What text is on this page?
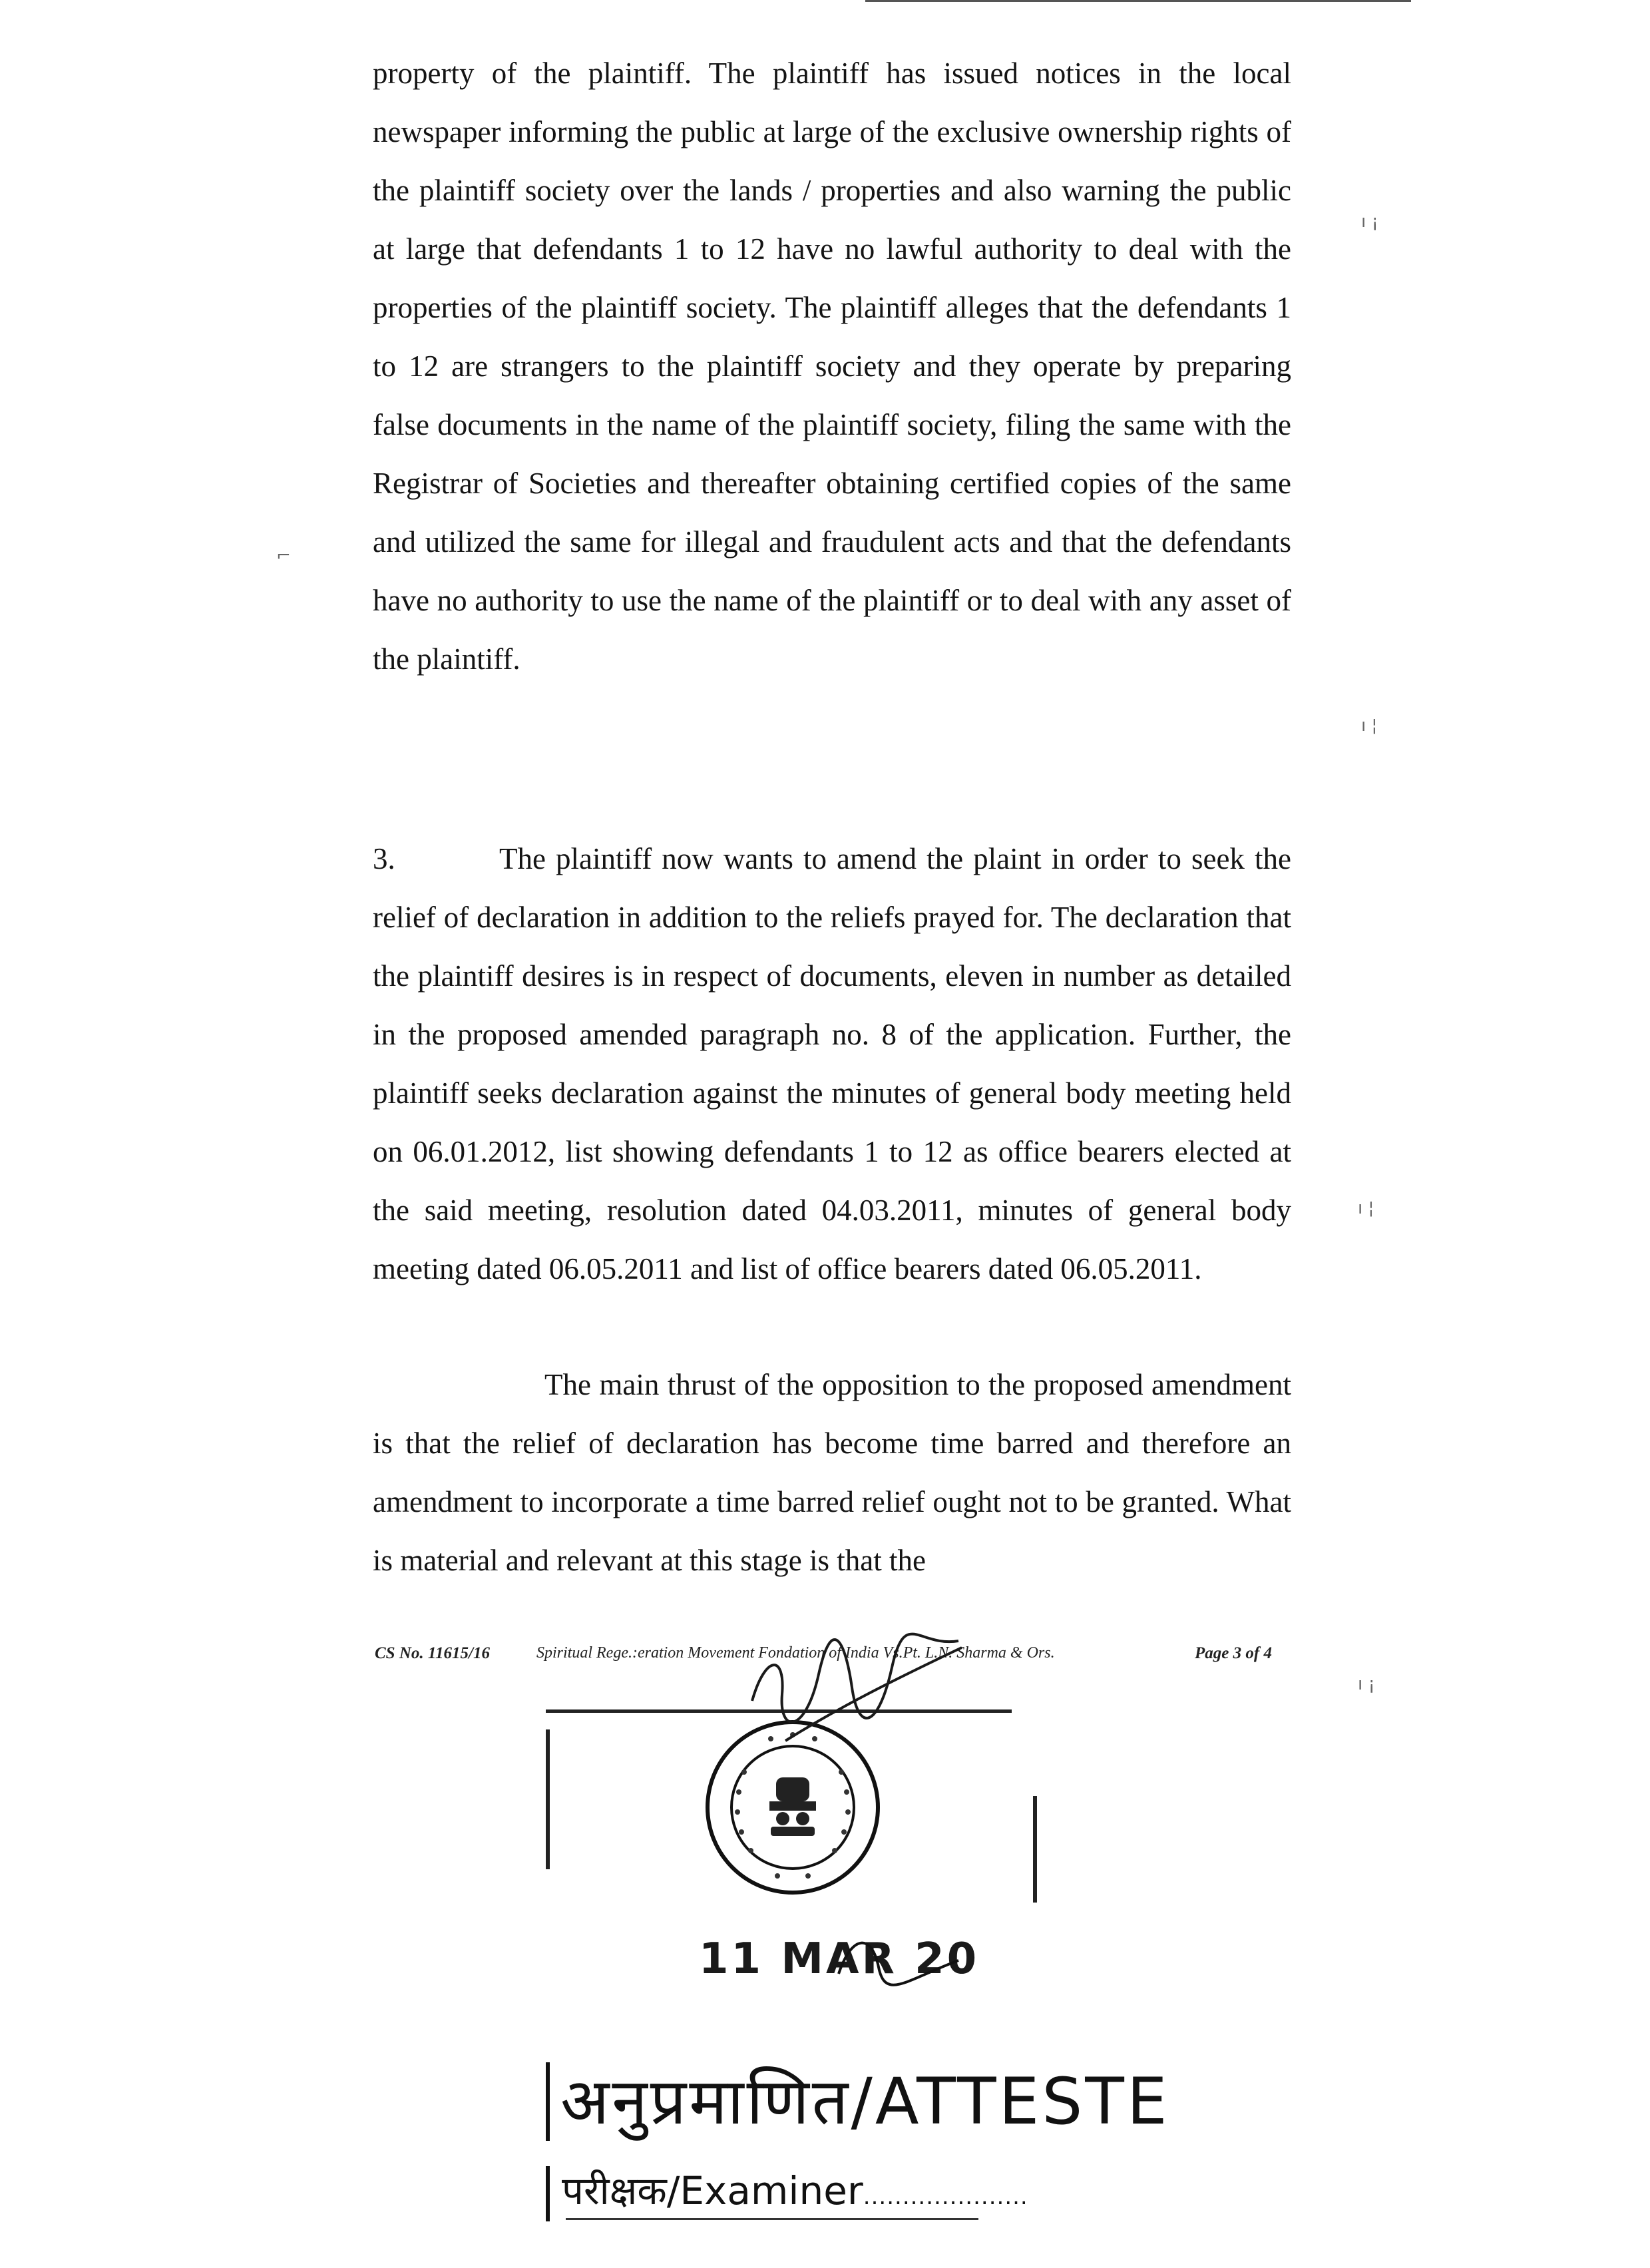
property of the plaintiff. The plaintiff has issued notices in the local newspaper informing the public at large of the exclusive ownership rights of the plaintiff society over the lands / properties and also warning the public at large that defendants 1 to 12 have no lawful authority to deal with the properties of the plaintiff society. The plaintiff alleges that the defendants 1 to 12 are strangers to the plaintiff society and they operate by preparing false documents in the name of the plaintiff society, filing the same with the Registrar of Societies and thereafter obtaining certified copies of the same and utilized the same for illegal and fraudulent acts and that the defendants have no authority to use the name of the plaintiff or to deal with any asset of the plaintiff.

3.	The plaintiff now wants to amend the plaint in order to seek the relief of declaration in addition to the reliefs prayed for. The declaration that the plaintiff desires is in respect of documents, eleven in number as detailed in the proposed amended paragraph no. 8 of the application. Further, the plaintiff seeks declaration against the minutes of general body meeting held on 06.01.2012, list showing defendants 1 to 12 as office bearers elected at the said meeting, resolution dated 04.03.2011, minutes of general body meeting dated 06.05.2011 and list of office bearers dated 06.05.2011.

The main thrust of the opposition to the proposed amendment is that the relief of declaration has become time barred and therefore an amendment to incorporate a time barred relief ought not to be granted. What is material and relevant at this stage is that the

ı ¡
ı ¦
ı ¦
ı ¡
⌐
CS No. 11615/16	Spiritual Rege.:eration Movement Fondation of India Vs.Pt. L.N. Sharma & Ors.	Page 3 of 4
11 MAR 20
अनुप्रमाणित/ATTESTE
परीक्षक/Examiner.....................
